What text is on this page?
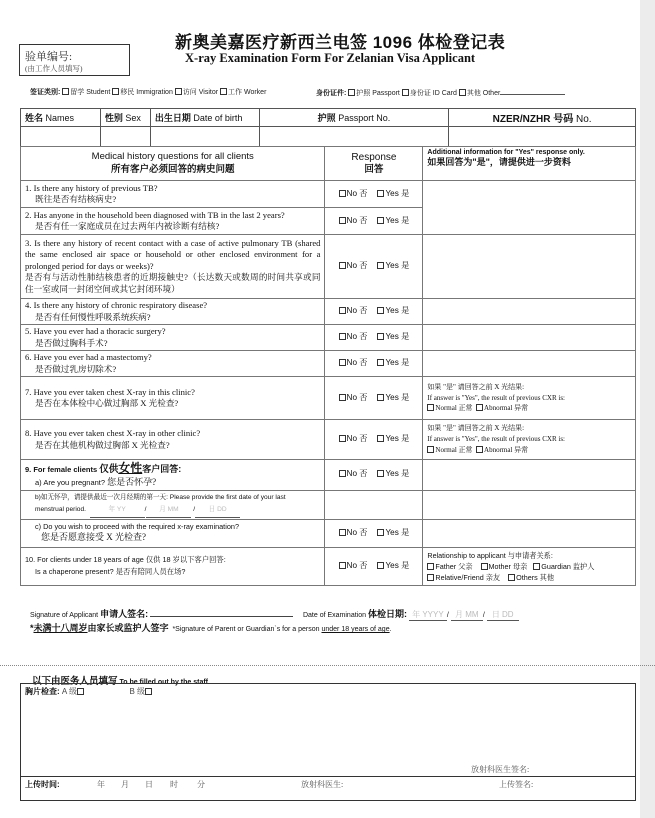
新奥美嘉医疗新西兰电签 1096 体检登记表
X-ray Examination Form For Zelanian Visa Applicant
验单编号:
(由工作人员填写)
签证类别: 留学 Student 移民 Immigration 访问 Visitor 工作 Worker	身份证件: 护照 Passport 身份证 ID Card 其他 Other
姓名 Names	性别 Sex	出生日期 Date of birth	护照 Passport No.	NZER/NZHR 号码 No.

Medical history questions for all clients
所有客户必须回答的病史问题

Response
回答

Additional information for "Yes" response only.
如果回答为"是"，请提供进一步资料

1. Is there any history of previous TB?
既往是否有结核病史?	No 否 Yes 是	

2. Has anyone in the household been diagnosed with TB in the last 2 years?
是否有任一家庭成员在过去两年内被诊断有结核?	No 否 Yes 是	

3. Is there any history of recent contact with a case of active pulmonary TB (shared the same enclosed air space or household or other enclosed environment for a prolonged period for days or weeks)?
是否有与活动性肺结核患者的近期接触史?（长达数天或数周的时间共享或同住一室或同一封闭空间或其它封闭环境）	No 否 Yes 是	

4. Is there any history of chronic respiratory disease?
是否有任何慢性呼吸系统疾病?	No 否 Yes 是	

5. Have you ever had a thoracic surgery?
是否做过胸科手术?	No 否 Yes 是	

6. Have you ever had a mastectomy?
是否做过乳房切除术?	No 否 Yes 是	

7. Have you ever taken chest X-ray in this clinic?
是否在本体检中心做过胸部 X 光检查?
	No 否 Yes 是	
如果 "是" 请回答之前 X 光结果:
If answer is "Yes", the result of previous CXR is:
Normal 正常 Abnormal 异常

8. Have you ever taken chest X-ray in other clinic?
是否在其他机构做过胸部 X 光检查?
	No 否 Yes 是	
如果 "是" 请回答之前 X 光结果:
If answer is "Yes", the result of previous CXR is:
Normal 正常 Abnormal 异常

9. For female clients 仅供女性客户回答:
a) Are you pregnant? 您是否怀孕?	No 否 Yes 是	

b)如无怀孕，请提供最近一次月经期的第一天: Please provide the first date of your last
menstrual period. 年 YY / 月 MM / 日 DD		

c) Do you wish to proceed with the required x-ray examination?
您是否愿意接受 X 光检查?	No 否 Yes 是	

10. For clients under 18 years of age 仅供 18 岁以下客户回答:
Is a chaperone present? 是否有陪同人员在场?
	No 否 Yes 是	
Relationship to applicant 与申请者关系:
Father 父亲 Mother 母亲 Guardian 监护人
Relative/Friend 亲友 Others 其他
Signature of Applicant 申请人签名:	Date of Examination 体检日期: 年 YYYY / 月 MM / 日 DD
*未满十八周岁由家长或监护人签字 *Signature of Parent or Guardian`s for a person under 18 years of age.
以下由医务人员填写 To be filled out by the staff
胸片检查: A 级	B 级
放射科医生签名:
上传时间:	年 月 日 时 分	放射科医生:	上传签名:
